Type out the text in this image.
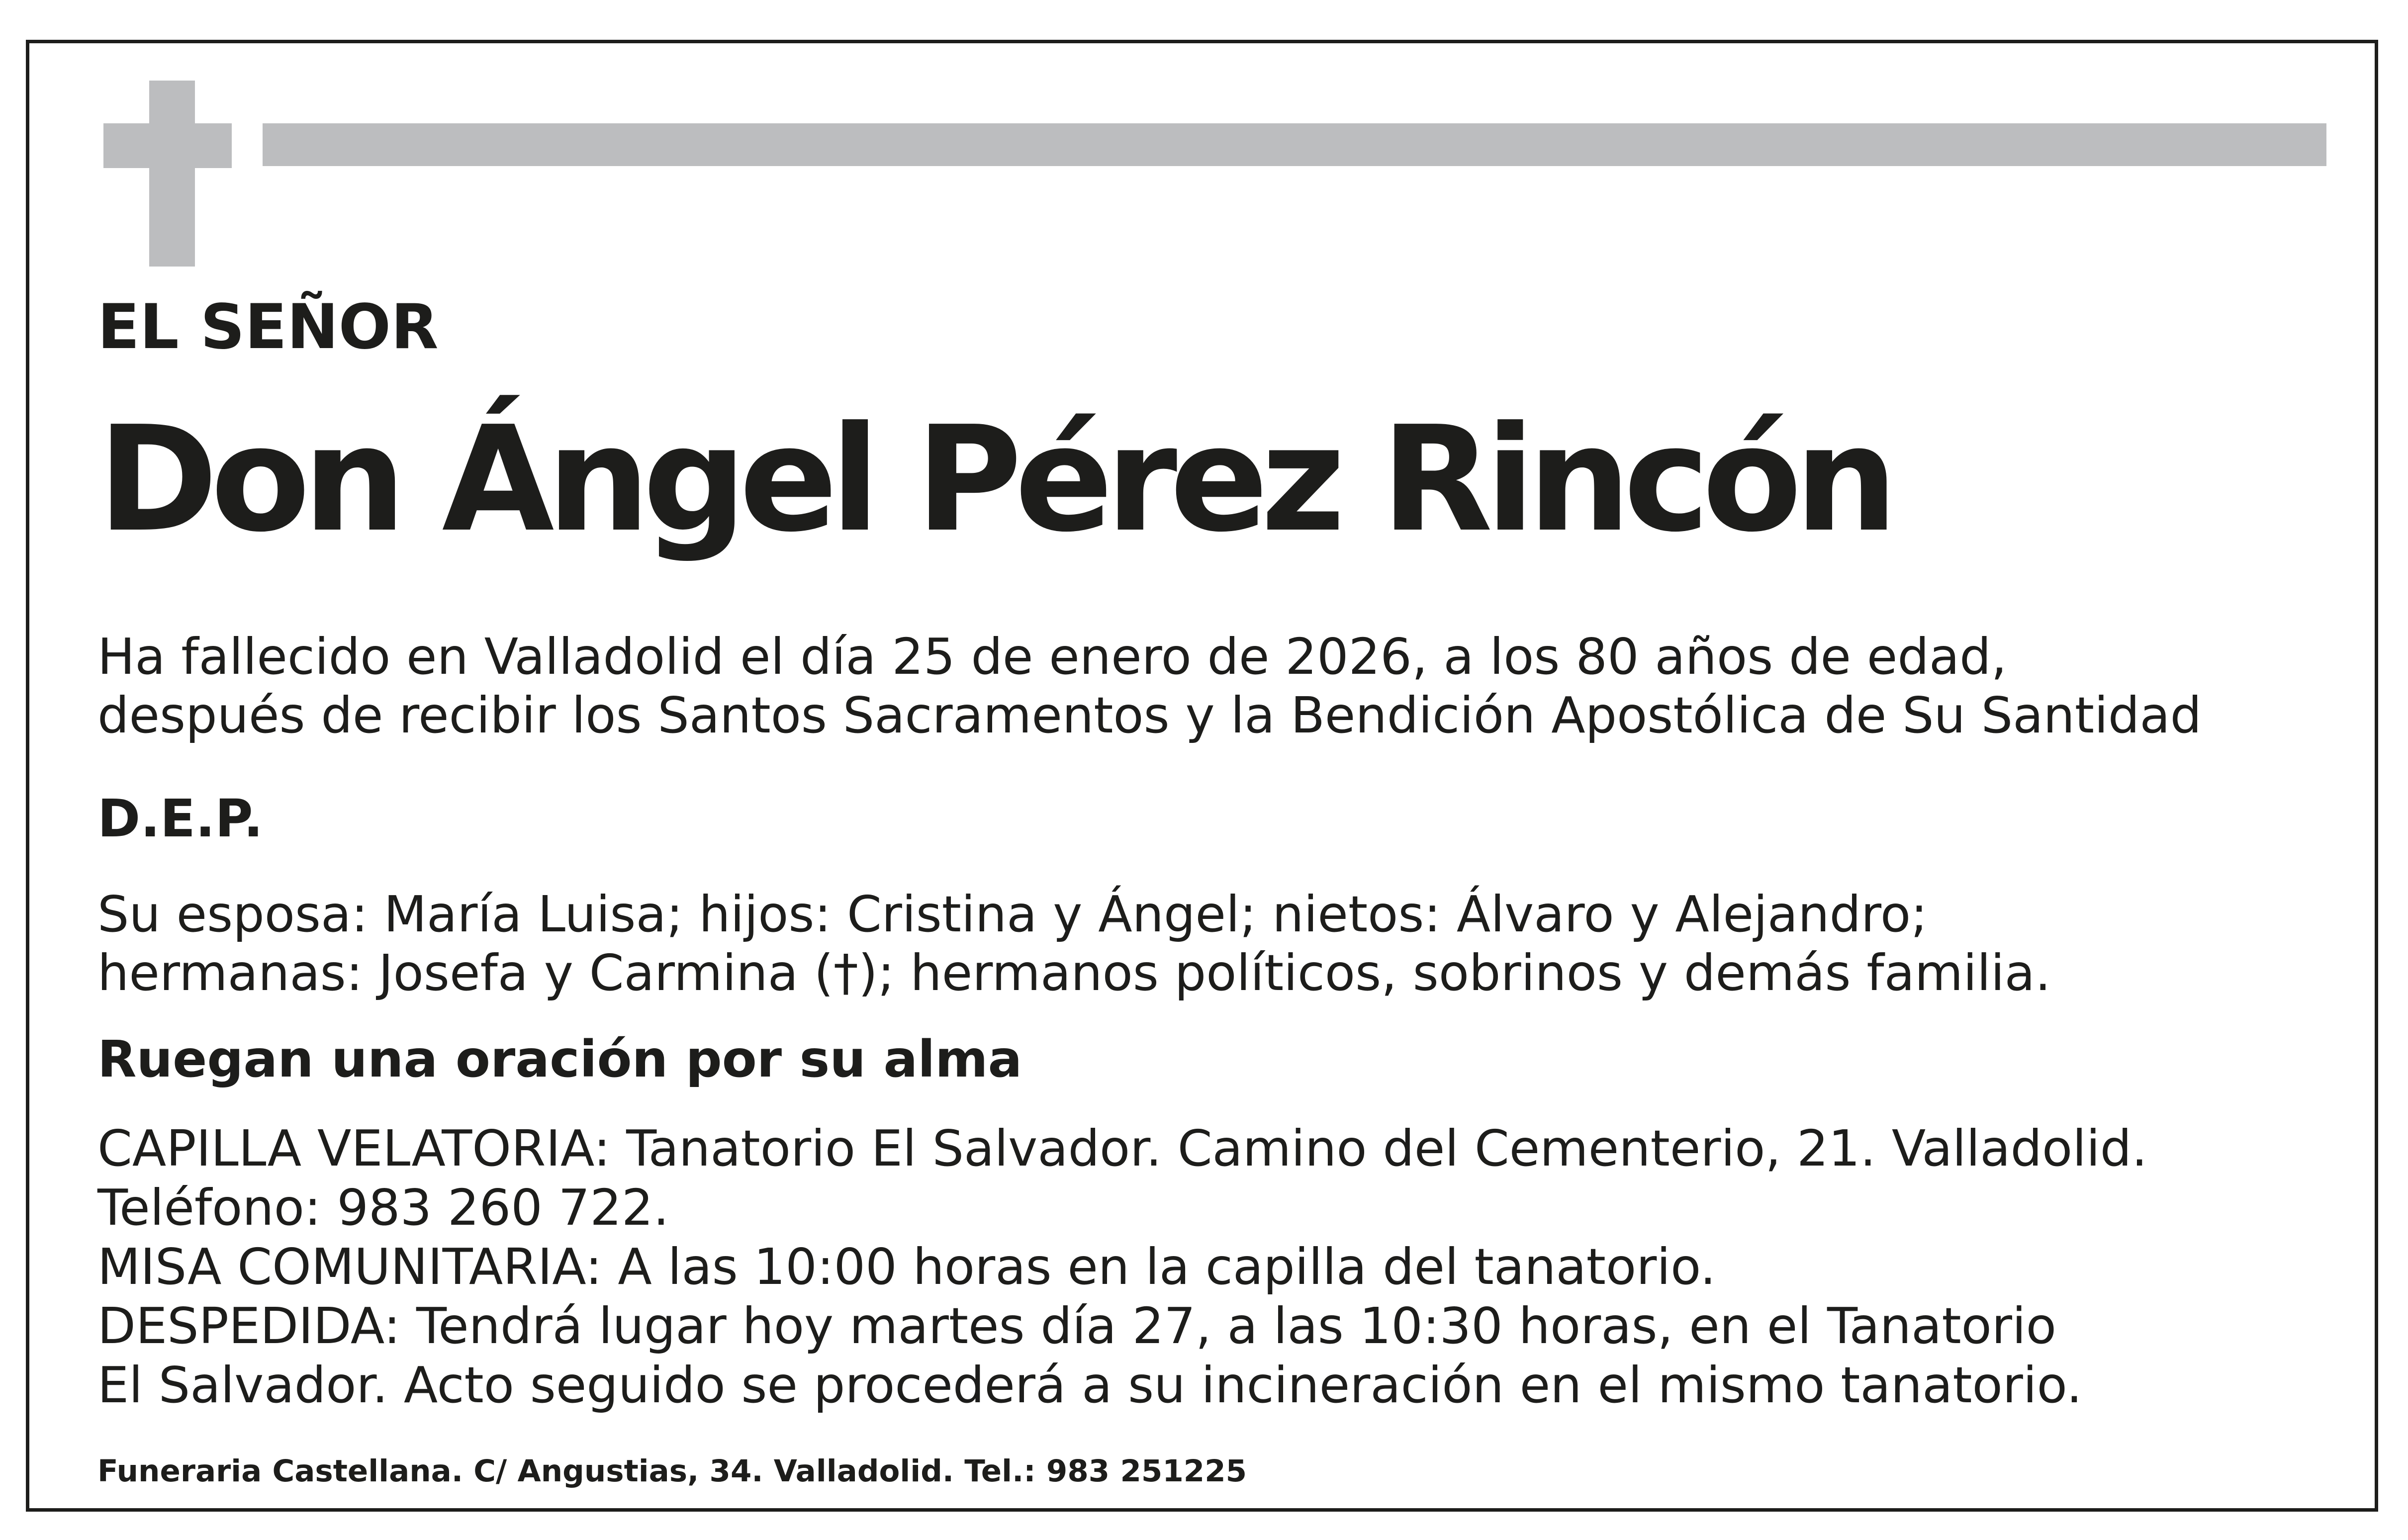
EL SEÑOR

Don Ángel Pérez Rincón
Ha fallecido en Valladolid el día 25 de enero de 2026, a los 80 años de edad,
después de recibir los Santos Sacramentos y la Bendición Apostólica de Su Santidad

D.E.P.

Su esposa: María Luisa; hijos: Cristina y Ángel; nietos: Álvaro y Alejandro;
hermanas: Josefa y Carmina (†); hermanos políticos, sobrinos y demás familia.

Ruegan una oración por su alma

CAPILLA VELATORIA: Tanatorio El Salvador. Camino del Cementerio, 21. Valladolid.
Teléfono: 983 260 722.
MISA COMUNITARIA: A las 10:00 horas en la capilla del tanatorio.
DESPEDIDA: Tendrá lugar hoy martes día 27, a las 10:30 horas, en el Tanatorio
El Salvador. Acto seguido se procederá a su incineración en el mismo tanatorio.

Funeraria Castellana. C/ Angustias, 34. Valladolid. Tel.: 983 251225
